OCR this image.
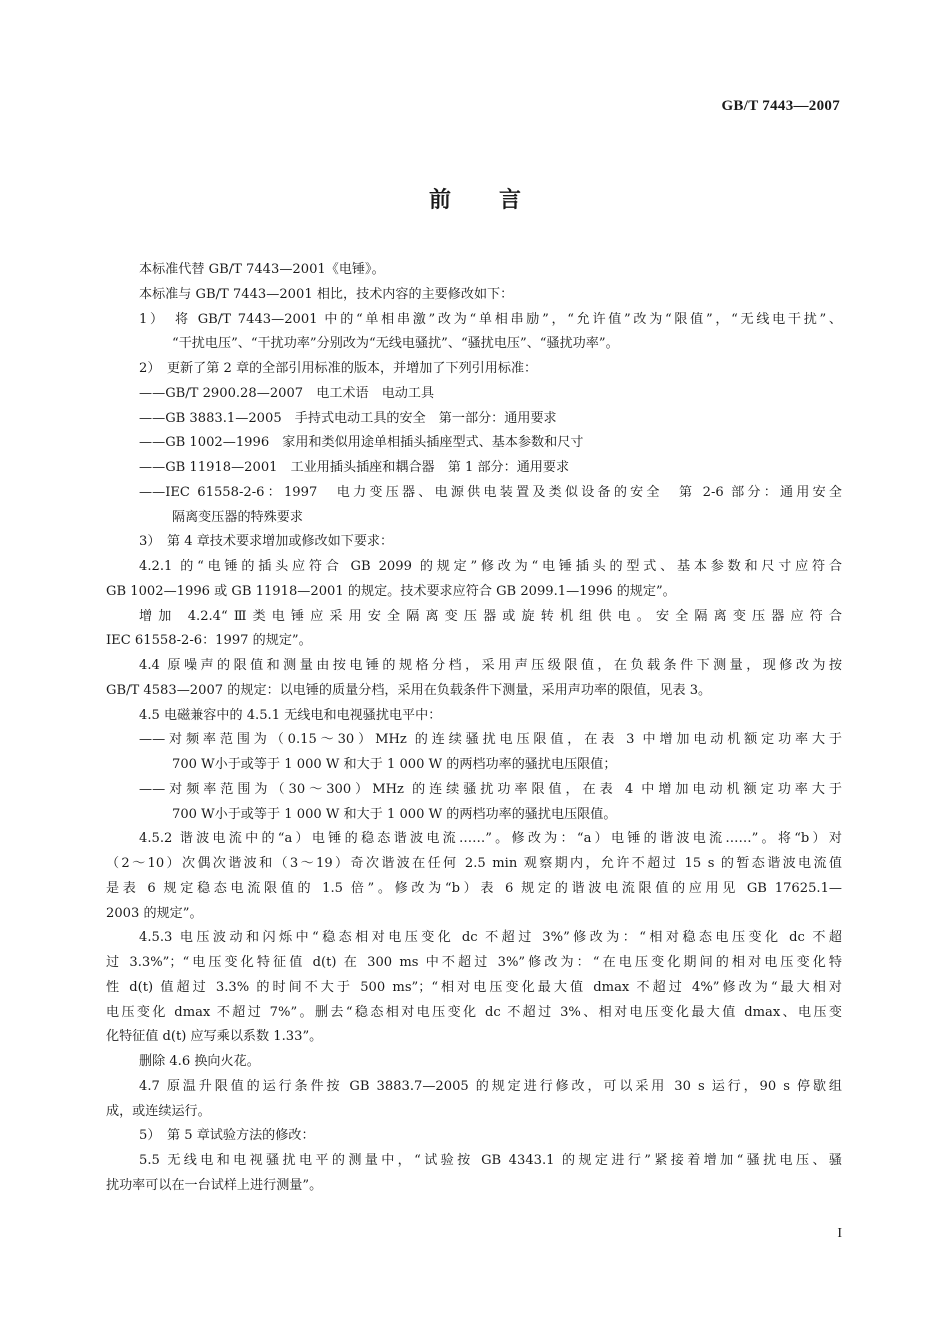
GB/T 7443—2007
前言

本标准代替 GB/T 7443—2001《电锤》。

本标准与 GB/T 7443—2001 相比，技术内容的主要修改如下：

1）　将 GB/T 7443—2001 中的“单相串激”改为“单相串励”，“允许值”改为“限值”，“无线电干扰”、

“干扰电压”、“干扰功率”分别改为“无线电骚扰”、“骚扰电压”、“骚扰功率”。

2）　更新了第 2 章的全部引用标准的版本，并增加了下列引用标准：

——GB/T 2900.28—2007　电工术语　电动工具

——GB 3883.1—2005　手持式电动工具的安全　第一部分：通用要求

——GB 1002—1996　家用和类似用途单相插头插座型式、基本参数和尺寸

——GB 11918—2001　工业用插头插座和耦合器　第 1 部分：通用要求

——IEC 61558-2-6：1997　电力变压器、电源供电装置及类似设备的安全　第 2-6 部分：通用安全

隔离变压器的特殊要求

3）　第 4 章技术要求增加或修改如下要求：

4.2.1 的“电锤的插头应符合 GB 2099 的规定”修改为“电锤插头的型式、基本参数和尺寸应符合

GB 1002—1996 或 GB 11918—2001 的规定。技术要求应符合 GB 2099.1—1996 的规定”。

增加 4.2.4“Ⅲ类电锤应采用安全隔离变压器或旋转机组供电。安全隔离变压器应符合

IEC 61558-2-6：1997 的规定”。

4.4 原噪声的限值和测量由按电锤的规格分档，采用声压级限值，在负载条件下测量，现修改为按

GB/T 4583—2007 的规定：以电锤的质量分档，采用在负载条件下测量，采用声功率的限值，见表 3。

4.5 电磁兼容中的 4.5.1 无线电和电视骚扰电平中：

——对频率范围为（0.15～30）MHz 的连续骚扰电压限值，在表 3 中增加电动机额定功率大于

700 W小于或等于 1 000 W 和大于 1 000 W 的两档功率的骚扰电压限值；

——对频率范围为（30～300）MHz 的连续骚扰功率限值，在表 4 中增加电动机额定功率大于

700 W小于或等于 1 000 W 和大于 1 000 W 的两档功率的骚扰电压限值。

4.5.2 谐波电流中的“a）电锤的稳态谐波电流……”。修改为：“a）电锤的谐波电流……”。将“b）对

（2～10）次偶次谐波和（3～19）奇次谐波在任何 2.5 min 观察期内，允许不超过 15 s 的暂态谐波电流值

是表 6 规定稳态电流限值的 1.5 倍”。修改为“b）表 6 规定的谐波电流限值的应用见 GB 17625.1—

2003 的规定”。

4.5.3 电压波动和闪烁中“稳态相对电压变化 dc 不超过 3%”修改为：“相对稳态电压变化 dc 不超

过 3.3%”；“电压变化特征值 d(t) 在 300 ms 中不超过 3%”修改为：“在电压变化期间的相对电压变化特

性 d(t) 值超过 3.3% 的时间不大于 500 ms”；“相对电压变化最大值 dmax 不超过 4%”修改为“最大相对

电压变化 dmax 不超过 7%”。删去“稳态相对电压变化 dc 不超过 3%、相对电压变化最大值 dmax、电压变

化特征值 d(t) 应写乘以系数 1.33”。

删除 4.6 换向火花。

4.7 原温升限值的运行条件按 GB 3883.7—2005 的规定进行修改，可以采用 30 s 运行，90 s 停歇组

成，或连续运行。

5）　第 5 章试验方法的修改：

5.5 无线电和电视骚扰电平的测量中，“试验按 GB 4343.1 的规定进行”紧接着增加“骚扰电压、骚

扰功率可以在一台试样上进行测量”。

I
